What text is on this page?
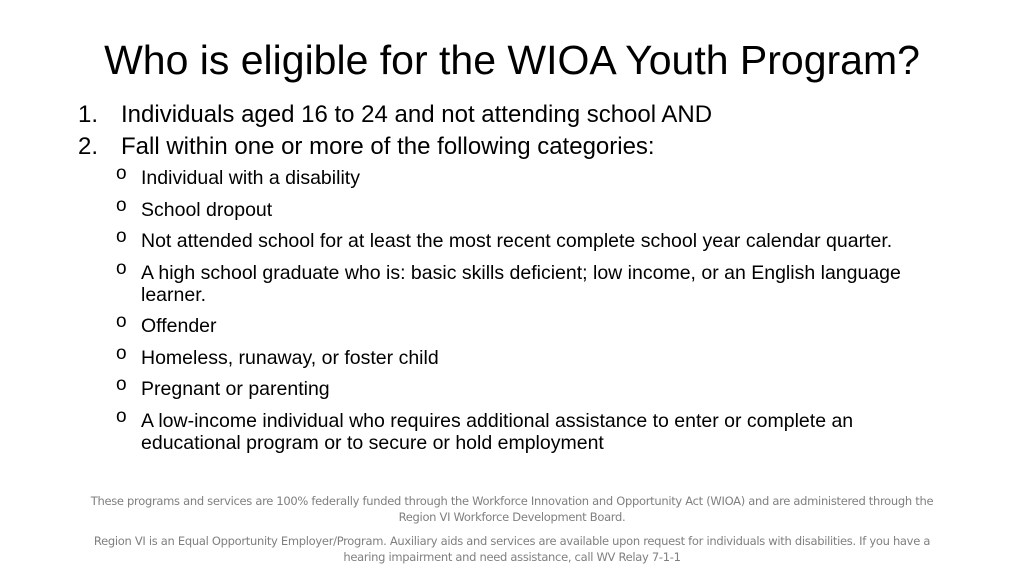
Who is eligible for the WIOA Youth Program?
1. Individuals aged 16 to 24 and not attending school AND
2. Fall within one or more of the following categories:
o Individual with a disability
o School dropout
o Not attended school for at least the most recent complete school year calendar quarter.
o A high school graduate who is: basic skills deficient; low income, or an English language learner.
o Offender
o Homeless, runaway, or foster child
o Pregnant or parenting
o A low-income individual who requires additional assistance to enter or complete an educational program or to secure or hold employment
These programs and services are 100% federally funded through the Workforce Innovation and Opportunity Act (WIOA) and are administered through the Region VI Workforce Development Board.
Region VI is an Equal Opportunity Employer/Program. Auxiliary aids and services are available upon request for individuals with disabilities. If you have a hearing impairment and need assistance, call WV Relay 7-1-1
